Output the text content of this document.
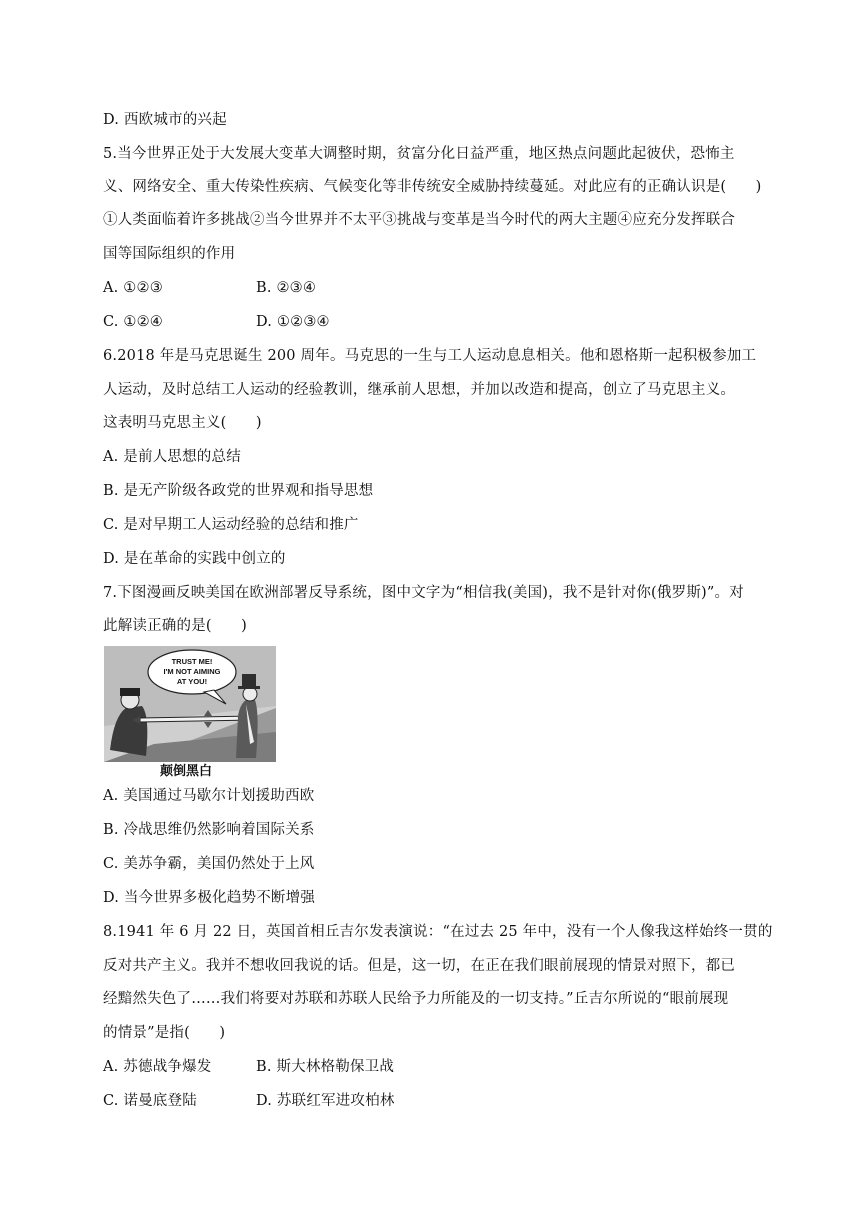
D. 西欧城市的兴起
5.当今世界正处于大发展大变革大调整时期，贫富分化日益严重，地区热点问题此起彼伏，恐怖主
义、网络安全、重大传染性疾病、气候变化等非传统安全威胁持续蔓延。对此应有的正确认识是(　　)
①人类面临着许多挑战②当今世界并不太平③挑战与变革是当今时代的两大主题④应充分发挥联合
国等国际组织的作用
A. ①②③	B. ②③④
C. ①②④	D. ①②③④
6.2018 年是马克思诞生 200 周年。马克思的一生与工人运动息息相关。他和恩格斯一起积极参加工
人运动，及时总结工人运动的经验教训，继承前人思想，并加以改造和提高，创立了马克思主义。
这表明马克思主义(　　)
A. 是前人思想的总结
B. 是无产阶级各政党的世界观和指导思想
C. 是对早期工人运动经验的总结和推广
D. 是在革命的实践中创立的
7.下图漫画反映美国在欧洲部署反导系统，图中文字为“相信我(美国)，我不是针对你(俄罗斯)”。对
此解读正确的是(　　)
TRUST ME!
I'M NOT AIMING
AT YOU!
颠倒黑白
A. 美国通过马歇尔计划援助西欧
B. 冷战思维仍然影响着国际关系
C. 美苏争霸，美国仍然处于上风
D. 当今世界多极化趋势不断增强
8.1941 年 6 月 22 日，英国首相丘吉尔发表演说：“在过去 25 年中，没有一个人像我这样始终一贯的
反对共产主义。我并不想收回我说的话。但是，这一切，在正在我们眼前展现的情景对照下，都已
经黯然失色了……我们将要对苏联和苏联人民给予力所能及的一切支持。”丘吉尔所说的“眼前展现
的情景”是指(　　)
A. 苏德战争爆发	B. 斯大林格勒保卫战
C. 诺曼底登陆	D. 苏联红军进攻柏林
